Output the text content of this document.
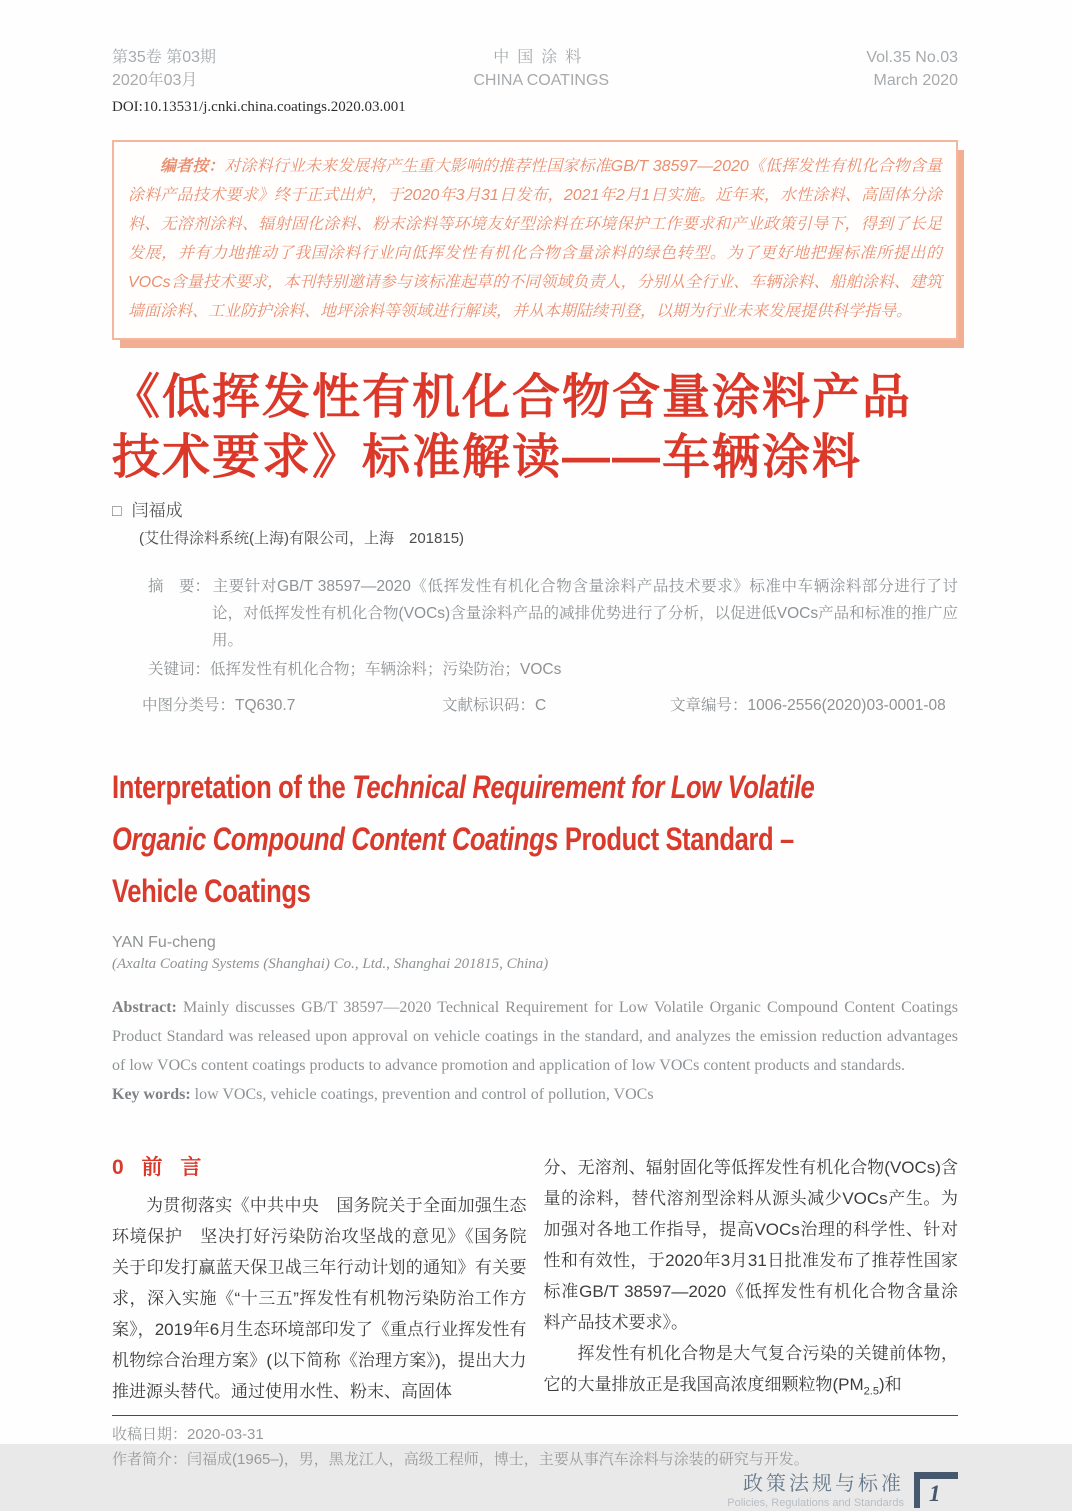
第35卷 第03期
2020年03月
中国涂料
CHINA COATINGS
Vol.35 No.03
March 2020
DOI:10.13531/j.cnki.china.coatings.2020.03.001
编者按：对涂料行业未来发展将产生重大影响的推荐性国家标准GB/T 38597—2020《低挥发性有机化合物含量涂料产品技术要求》终于正式出炉，于2020年3月31日发布，2021年2月1日实施。近年来，水性涂料、高固体分涂料、无溶剂涂料、辐射固化涂料、粉末涂料等环境友好型涂料在环境保护工作要求和产业政策引导下，得到了长足发展，并有力地推动了我国涂料行业向低挥发性有机化合物含量涂料的绿色转型。为了更好地把握标准所提出的VOCs含量技术要求，本刊特别邀请参与该标准起草的不同领域负责人，分别从全行业、车辆涂料、船舶涂料、建筑墙面涂料、工业防护涂料、地坪涂料等领域进行解读，并从本期陆续刊登，以期为行业未来发展提供科学指导。
《低挥发性有机化合物含量涂料产品
技术要求》标准解读——车辆涂料
□ 闫福成
(艾仕得涂料系统(上海)有限公司，上海　201815)
摘　要： 主要针对GB/T 38597—2020《低挥发性有机化合物含量涂料产品技术要求》标准中车辆涂料部分进行了讨论，对低挥发性有机化合物(VOCs)含量涂料产品的减排优势进行了分析，以促进低VOCs产品和标准的推广应用。
关键词：低挥发性有机化合物；车辆涂料；污染防治；VOCs
中图分类号：TQ630.7	文献标识码：C	文章编号：1006-2556(2020)03-0001-08
Interpretation of the Technical Requirement for Low Volatile
Organic Compound Content Coatings Product Standard –
Vehicle Coatings
YAN Fu-cheng
(Axalta Coating Systems (Shanghai) Co., Ltd., Shanghai 201815, China)
Abstract: Mainly discusses GB/T 38597—2020 Technical Requirement for Low Volatile Organic Compound Content Coatings Product Standard was released upon approval on vehicle coatings in the standard, and analyzes the emission reduction advantages of low VOCs content coatings products to advance promotion and application of low VOCs content products and standards.
Key words: low VOCs, vehicle coatings, prevention and control of pollution, VOCs
0 前 言
为贯彻落实《中共中央　国务院关于全面加强生态环境保护　坚决打好污染防治攻坚战的意见》《国务院关于印发打赢蓝天保卫战三年行动计划的通知》有关要求，深入实施《“十三五”挥发性有机物污染防治工作方案》，2019年6月生态环境部印发了《重点行业挥发性有机物综合治理方案》(以下简称《治理方案》)，提出大力推进源头替代。通过使用水性、粉末、高固体
分、无溶剂、辐射固化等低挥发性有机化合物(VOCs)含量的涂料，替代溶剂型涂料从源头减少VOCs产生。为加强对各地工作指导，提高VOCs治理的科学性、针对性和有效性，于2020年3月31日批准发布了推荐性国家标准GB/T 38597—2020《低挥发性有机化合物含量涂料产品技术要求》。
挥发性有机化合物是大气复合污染的关键前体物，它的大量排放正是我国高浓度细颗粒物$(PM_{2.5})$和
收稿日期：2020-03-31
作者简介：闫福成(1965–)，男，黑龙江人，高级工程师，博士，主要从事汽车涂料与涂装的研究与开发。
政策法规与标准
Policies, Regulations and Standards	1
